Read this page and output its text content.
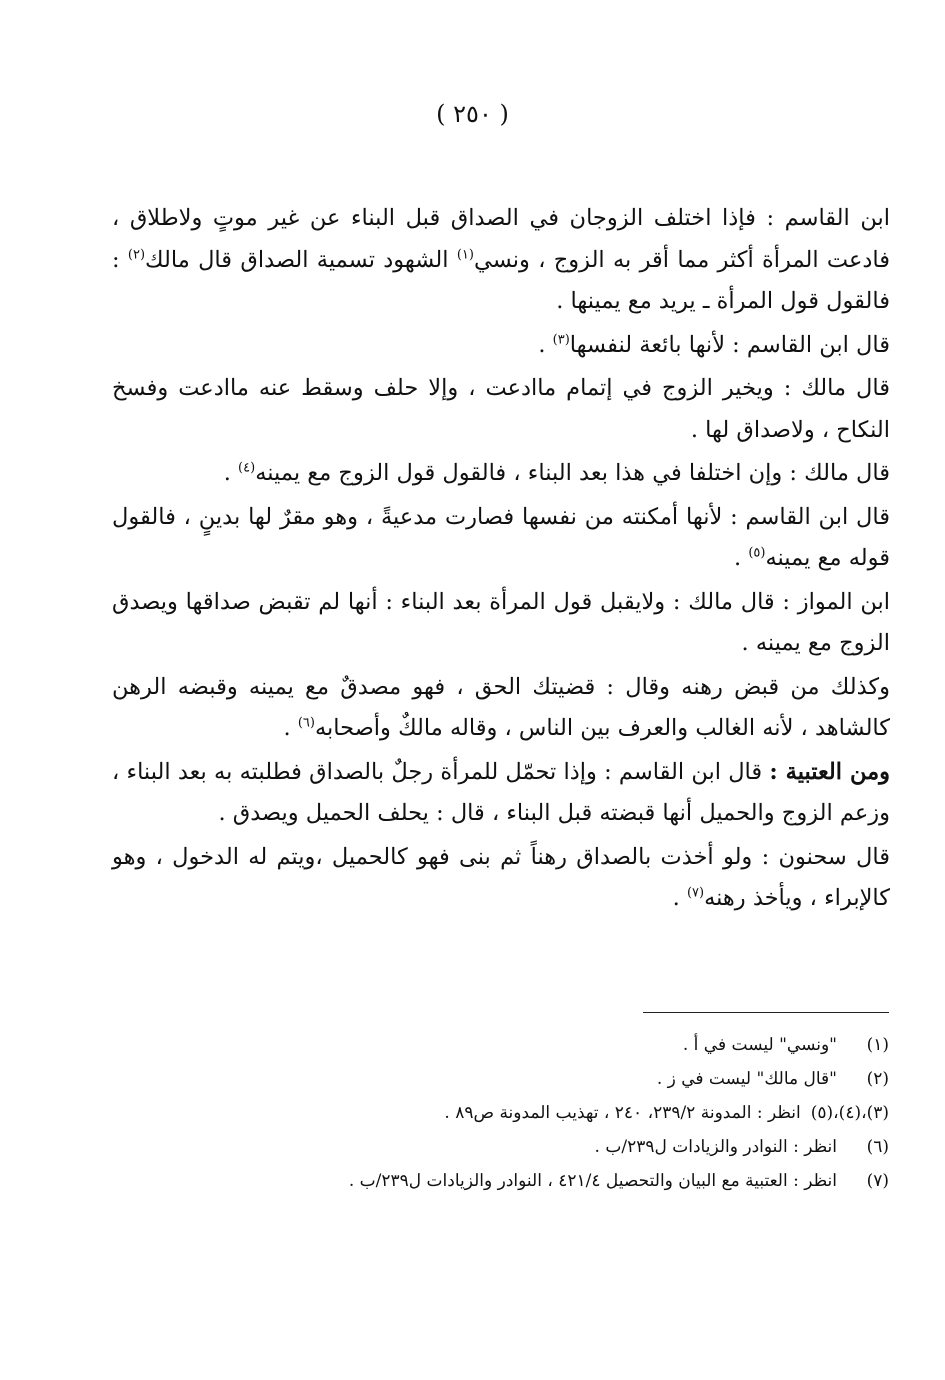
( ٢٥٠ )

ابن القاسم : فإذا اختلف الزوجان في الصداق قبل البناء عن غير موتٍ ولاطلاق ، فادعت المرأة أكثر مما أقر به الزوج ، ونسي$^{(١)}$ الشهود تسمية الصداق قال مالك$^{(٢)}$ : فالقول قول المرأة ـ يريد مع يمينها .

قال ابن القاسم : لأنها بائعة لنفسها$^{(٣)}$ .

قال مالك : ويخير الزوج في إتمام ماادعت ، وإلا حلف وسقط عنه ماادعت وفسخ النكاح ، ولاصداق لها .

قال مالك : وإن اختلفا في هذا بعد البناء ، فالقول قول الزوج مع يمينه$^{(٤)}$ .

قال ابن القاسم : لأنها أمكنته من نفسها فصارت مدعيةً ، وهو مقرٌ لها بدينٍ ، فالقول قوله مع يمينه$^{(٥)}$ .

ابن المواز : قال مالك : ولايقبل قول المرأة بعد البناء : أنها لم تقبض صداقها ويصدق الزوج مع يمينه .

وكذلك من قبض رهنه وقال : قضيتك الحق ، فهو مصدقٌ مع يمينه وقبضه الرهن كالشاهد ، لأنه الغالب والعرف بين الناس ، وقاله مالكٌ وأصحابه$^{(٦)}$ .

ومن العتبية : قال ابن القاسم : وإذا تحمّل للمرأة رجلٌ بالصداق فطلبته به بعد البناء ، وزعم الزوج والحميل أنها قبضته قبل البناء ، قال : يحلف الحميل ويصدق .

قال سحنون : ولو أخذت بالصداق رهناً ثم بنى فهو كالحميل ،ويتم له الدخول ، وهو كالإبراء ، ويأخذ رهنه$^{(٧)}$ .

(١)
"ونسي" ليست في أ .
(٢)
"قال مالك" ليست في ز .
(٣)،(٤)،(٥)
انظر : المدونة ٢٣٩/٢، ٢٤٠ ، تهذيب المدونة ص٨٩ .
(٦)
انظر : النوادر والزيادات ل٢٣٩/ب .
(٧)
انظر : العتبية مع البيان والتحصيل ٤٢١/٤ ، النوادر والزيادات ل٢٣٩/ب .
